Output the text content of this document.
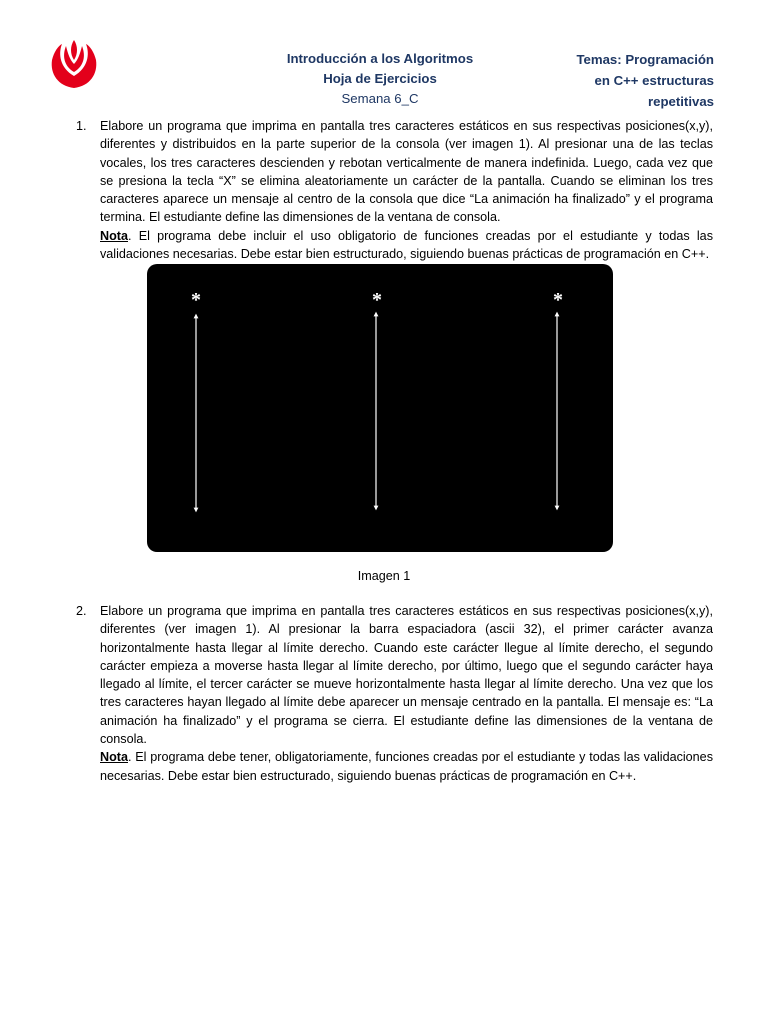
Introducción a los Algoritmos
Hoja de Ejercicios
Semana 6_C
Temas: Programación
en C++ estructuras
repetitivas
1. Elabore un programa que imprima en pantalla tres caracteres estáticos en sus respectivas posiciones(x,y), diferentes y distribuidos en la parte superior de la consola (ver imagen 1). Al presionar una de las teclas vocales, los tres caracteres descienden y rebotan verticalmente de manera indefinida. Luego, cada vez que se presiona la tecla “X” se elimina aleatoriamente un carácter de la pantalla. Cuando se eliminan los tres caracteres aparece un mensaje al centro de la consola que dice “La animación ha finalizado” y el programa termina. El estudiante define las dimensiones de la ventana de consola.
Nota. El programa debe incluir el uso obligatorio de funciones creadas por el estudiante y todas las validaciones necesarias. Debe estar bien estructurado, siguiendo buenas prácticas de programación en C++.
*	*	*
Imagen 1
2. Elabore un programa que imprima en pantalla tres caracteres estáticos en sus respectivas posiciones(x,y), diferentes (ver imagen 1). Al presionar la barra espaciadora (ascii 32), el primer carácter avanza horizontalmente hasta llegar al límite derecho. Cuando este carácter llegue al límite derecho, el segundo carácter empieza a moverse hasta llegar al límite derecho, por último, luego que el segundo carácter haya llegado al límite, el tercer carácter se mueve horizontalmente hasta llegar al límite derecho. Una vez que los tres caracteres hayan llegado al límite debe aparecer un mensaje centrado en la pantalla. El mensaje es: “La animación ha finalizado” y el programa se cierra. El estudiante define las dimensiones de la ventana de consola.
Nota. El programa debe tener, obligatoriamente, funciones creadas por el estudiante y todas las validaciones necesarias. Debe estar bien estructurado, siguiendo buenas prácticas de programación en C++.
